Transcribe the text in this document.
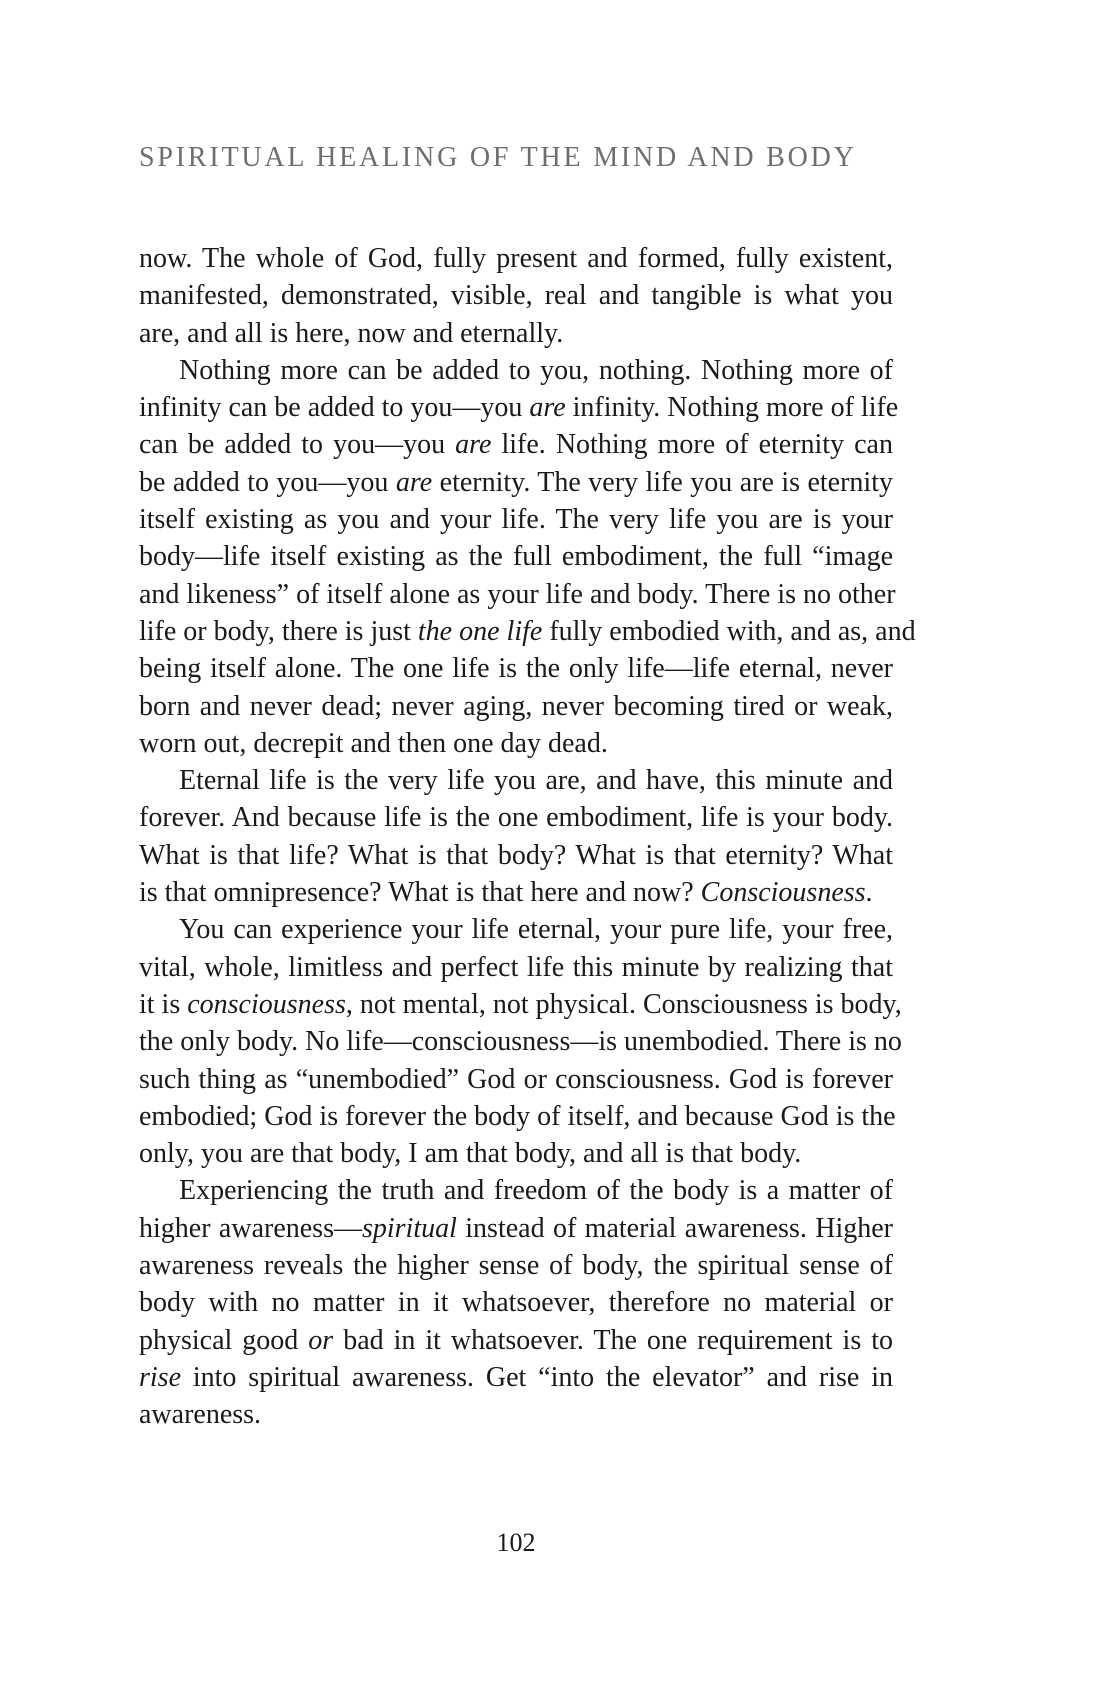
SPIRITUAL HEALING OF THE MIND AND BODY
now. The whole of God, fully present and formed, fully existent,
manifested, demonstrated, visible, real and tangible is what you
are, and all is here, now and eternally.
Nothing more can be added to you, nothing. Nothing more of
infinity can be added to you—you are infinity. Nothing more of life
can be added to you—you are life. Nothing more of eternity can
be added to you—you are eternity. The very life you are is eternity
itself existing as you and your life. The very life you are is your
body—life itself existing as the full embodiment, the full “image
and likeness” of itself alone as your life and body. There is no other
life or body, there is just the one life fully embodied with, and as, and
being itself alone. The one life is the only life—life eternal, never
born and never dead; never aging, never becoming tired or weak,
worn out, decrepit and then one day dead.
Eternal life is the very life you are, and have, this minute and
forever. And because life is the one embodiment, life is your body.
What is that life? What is that body? What is that eternity? What
is that omnipresence? What is that here and now? Consciousness.
You can experience your life eternal, your pure life, your free,
vital, whole, limitless and perfect life this minute by realizing that
it is consciousness, not mental, not physical. Consciousness is body,
the only body. No life—consciousness—is unembodied. There is no
such thing as “unembodied” God or consciousness. God is forever
embodied; God is forever the body of itself, and because God is the
only, you are that body, I am that body, and all is that body.
Experiencing the truth and freedom of the body is a matter of
higher awareness—spiritual instead of material awareness. Higher
awareness reveals the higher sense of body, the spiritual sense of
body with no matter in it whatsoever, therefore no material or
physical good or bad in it whatsoever. The one requirement is to
rise into spiritual awareness. Get “into the elevator” and rise in
awareness.
102
